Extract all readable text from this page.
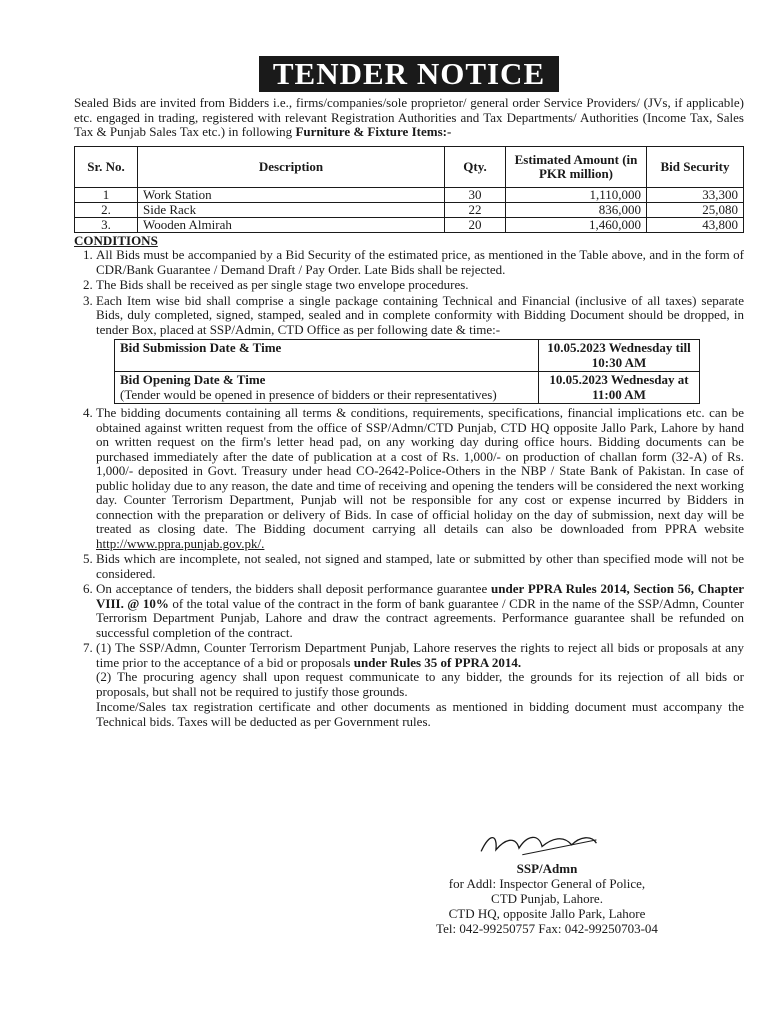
TENDER NOTICE
Sealed Bids are invited from Bidders i.e., firms/companies/sole proprietor/ general order Service Providers/ (JVs, if applicable) etc. engaged in trading, registered with relevant Registration Authorities and Tax Departments/ Authorities (Income Tax, Sales Tax & Punjab Sales Tax etc.) in following Furniture & Fixture Items:-
Sr. No.	Description	Qty.	Estimated Amount (in PKR million)	Bid Security
1	Work Station	30	1,110,000	33,300
2.	Side Rack	22	836,000	25,080
3.	Wooden Almirah	20	1,460,000	43,800
CONDITIONS
1. All Bids must be accompanied by a Bid Security of the estimated price, as mentioned in the Table above, and in the form of CDR/Bank Guarantee / Demand Draft / Pay Order. Late Bids shall be rejected.
2. The Bids shall be received as per single stage two envelope procedures.
3. Each Item wise bid shall comprise a single package containing Technical and Financial (inclusive of all taxes) separate Bids, duly completed, signed, stamped, sealed and in complete conformity with Bidding Document should be dropped, in tender Box, placed at SSP/Admin, CTD Office as per following date & time:-
Bid Submission Date & Time	10.05.2023 Wednesday till 10:30 AM

Bid Opening Date & Time
(Tender would be opened in presence of bidders or their representatives)	10.05.2023 Wednesday at 11:00 AM
4. The bidding documents containing all terms & conditions, requirements, specifications, financial implications etc. can be obtained against written request from the office of SSP/Admn/CTD Punjab, CTD HQ opposite Jallo Park, Lahore by hand on written request on the firm's letter head pad, on any working day during office hours. Bidding documents can be purchased immediately after the date of publication at a cost of Rs. 1,000/- on production of challan form (32-A) of Rs. 1,000/- deposited in Govt. Treasury under head CO-2642-Police-Others in the NBP / State Bank of Pakistan. In case of public holiday due to any reason, the date and time of receiving and opening the tenders will be considered the next working day. Counter Terrorism Department, Punjab will not be responsible for any cost or expense incurred by Bidders in connection with the preparation or delivery of Bids. In case of official holiday on the day of submission, next day will be treated as closing date. The Bidding document carrying all details can also be downloaded from PPRA website http://www.ppra.punjab.gov.pk/.
5. Bids which are incomplete, not sealed, not signed and stamped, late or submitted by other than specified mode will not be considered.
6. On acceptance of tenders, the bidders shall deposit performance guarantee under PPRA Rules 2014, Section 56, Chapter VIII. @ 10% of the total value of the contract in the form of bank guarantee / CDR in the name of the SSP/Admn, Counter Terrorism Department Punjab, Lahore and draw the contract agreements. Performance guarantee shall be refunded on successful completion of the contract.
7. (1) The SSP/Admn, Counter Terrorism Department Punjab, Lahore reserves the rights to reject all bids or proposals at any time prior to the acceptance of a bid or proposals under Rules 35 of PPRA 2014.
(2) The procuring agency shall upon request communicate to any bidder, the grounds for its rejection of all bids or proposals, but shall not be required to justify those grounds.
Income/Sales tax registration certificate and other documents as mentioned in bidding document must accompany the Technical bids. Taxes will be deducted as per Government rules.
SSP/Admn
for Addl: Inspector General of Police,
CTD Punjab, Lahore.
CTD HQ, opposite Jallo Park, Lahore
Tel: 042-99250757 Fax: 042-99250703-04
